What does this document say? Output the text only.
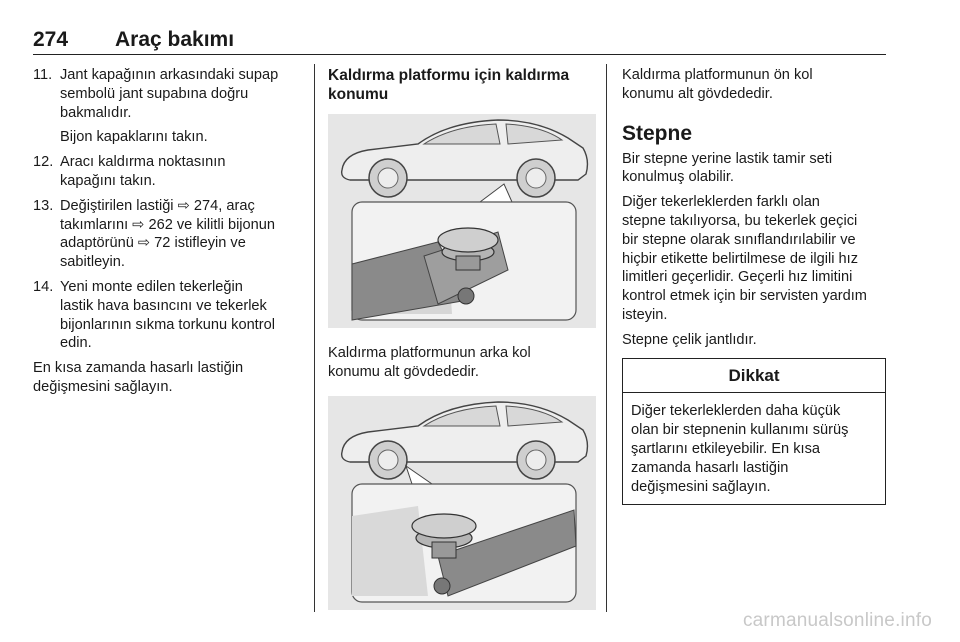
274 Araç bakımı
11. Jant kapağının arkasındaki supap

sembolü jant supabına doğru

bakmalıdır.

Bijon kapaklarını takın.

12. Aracı kaldırma noktasının

kapağını takın.

13. Değiştirilen lastiği ⇨ 274, araç

takımlarını ⇨ 262 ve kilitli bijonun

adaptörünü ⇨ 72 istifleyin ve

sabitleyin.

14. Yeni monte edilen tekerleğin

lastik hava basıncını ve tekerlek

bijonlarının sıkma torkunu kontrol

edin.

En kısa zamanda hasarlı lastiğin

değişmesini sağlayın.

Kaldırma platformu için kaldırma

konumu

Kaldırma platformunun arka kol

konumu alt gövdededir.

Kaldırma platformunun ön kol

konumu alt gövdededir.

Stepne

Bir stepne yerine lastik tamir seti

konulmuş olabilir.

Diğer tekerleklerden farklı olan

stepne takılıyorsa, bu tekerlek geçici

bir stepne olarak sınıflandırılabilir ve

hiçbir etikette belirtilmese de ilgili hız

limitleri geçerlidir. Geçerli hız limitini

kontrol etmek için bir servisten yardım

isteyin.

Stepne çelik jantlıdır.

Dikkat

Diğer tekerleklerden daha küçük

olan bir stepnenin kullanımı sürüş

şartlarını etkileyebilir. En kısa

zamanda hasarlı lastiğin

değişmesini sağlayın.

carmanualsonline.info
